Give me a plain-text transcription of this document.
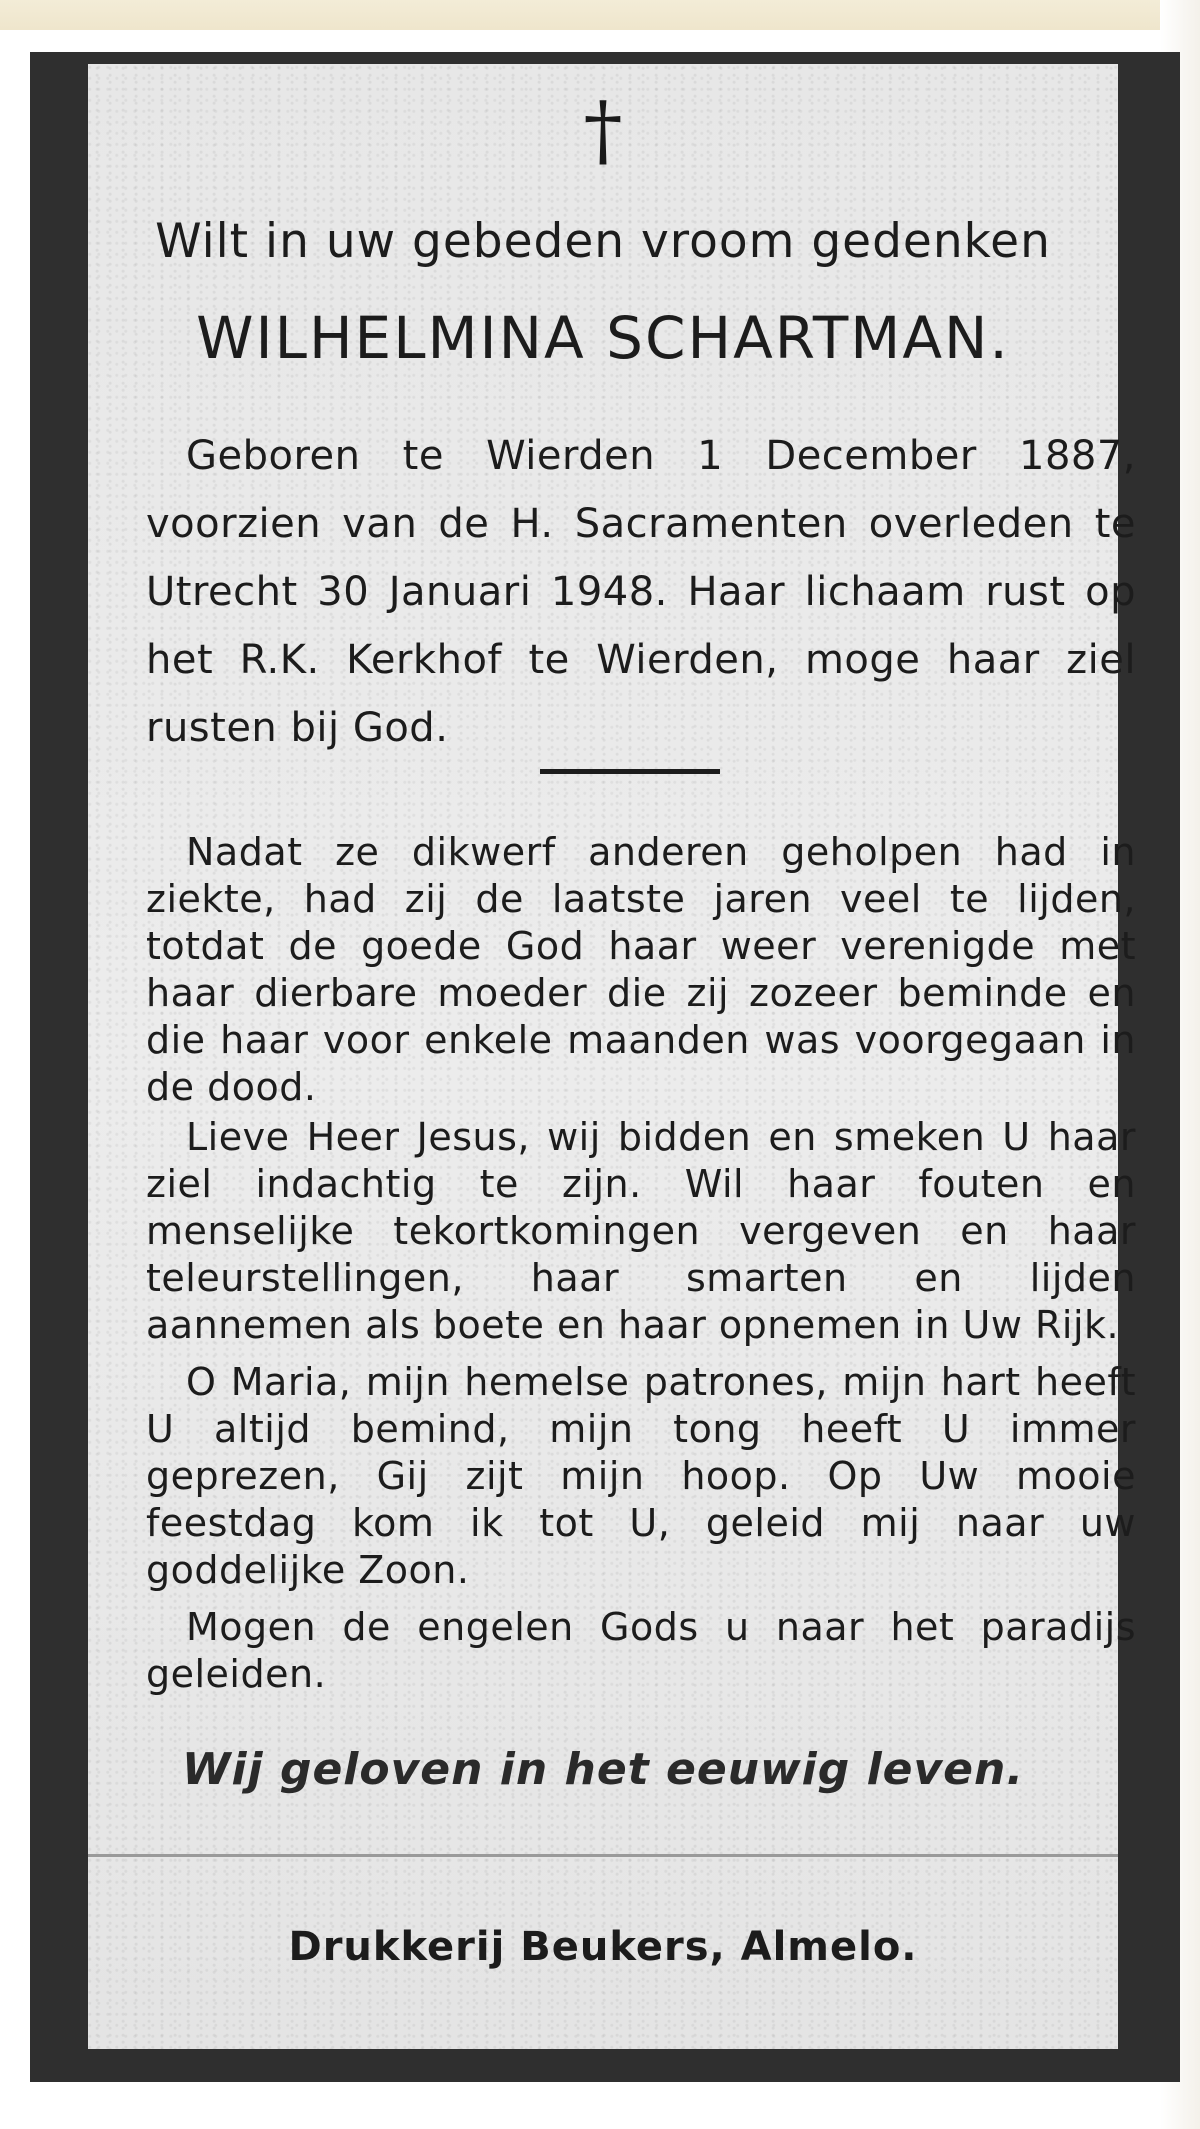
†
Wilt in uw gebeden vroom gedenken
WILHELMINA SCHARTMAN.
Geboren te Wierden 1 December 1887, voorzien van de H. Sacramenten overleden te Utrecht 30 Januari 1948. Haar lichaam rust op het R.K. Kerkhof te Wierden, moge haar ziel rusten bij God.
Nadat ze dikwerf anderen geholpen had in ziekte, had zij de laatste jaren veel te lijden, totdat de goede God haar weer verenigde met haar dierbare moeder die zij zozeer beminde en die haar voor enkele maanden was voorgegaan in de dood.
Lieve Heer Jesus, wij bidden en smeken U haar ziel indachtig te zijn. Wil haar fouten en menselijke tekortkomingen vergeven en haar teleurstellingen, haar smarten en lijden aannemen als boete en haar opnemen in Uw Rijk.
O Maria, mijn hemelse patrones, mijn hart heeft U altijd bemind, mijn tong heeft U immer geprezen, Gij zijt mijn hoop. Op Uw mooie feestdag kom ik tot U, geleid mij naar uw goddelijke Zoon.
Mogen de engelen Gods u naar het paradijs geleiden.
Wij geloven in het eeuwig leven.
Drukkerij Beukers, Almelo.
